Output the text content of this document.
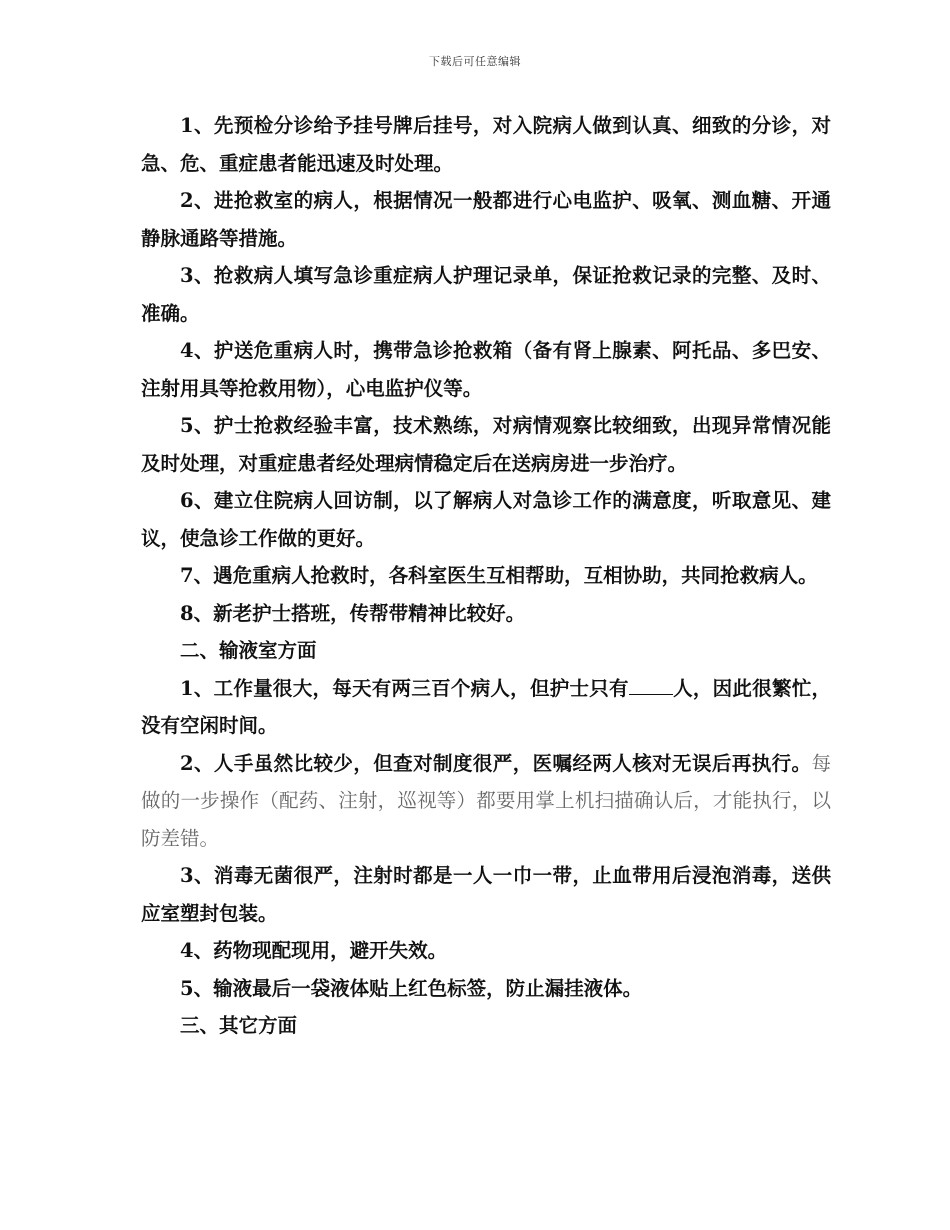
下载后可任意编辑

1、先预检分诊给予挂号牌后挂号，对入院病人做到认真、细致的分诊，对急、危、重症患者能迅速及时处理。

2、进抢救室的病人，根据情况一般都进行心电监护、吸氧、测血糖、开通静脉通路等措施。

3、抢救病人填写急诊重症病人护理记录单，保证抢救记录的完整、及时、准确。

4、护送危重病人时，携带急诊抢救箱（备有肾上腺素、阿托品、多巴安、注射用具等抢救用物），心电监护仪等。

5、护士抢救经验丰富，技术熟练，对病情观察比较细致，出现异常情况能及时处理，对重症患者经处理病情稳定后在送病房进一步治疗。

6、建立住院病人回访制，以了解病人对急诊工作的满意度，听取意见、建议，使急诊工作做的更好。

7、遇危重病人抢救时，各科室医生互相帮助，互相协助，共同抢救病人。

8、新老护士搭班，传帮带精神比较好。

二、输液室方面

1、工作量很大，每天有两三百个病人，但护士只有 人，因此很繁忙，没有空闲时间。

2、人手虽然比较少，但查对制度很严，医嘱经两人核对无误后再执行。每做的一步操作（配药、注射，巡视等）都要用掌上机扫描确认后，才能执行，以防差错。

3、消毒无菌很严，注射时都是一人一巾一带，止血带用后浸泡消毒，送供应室塑封包装。

4、药物现配现用，避开失效。

5、输液最后一袋液体贴上红色标签，防止漏挂液体。

三、其它方面
